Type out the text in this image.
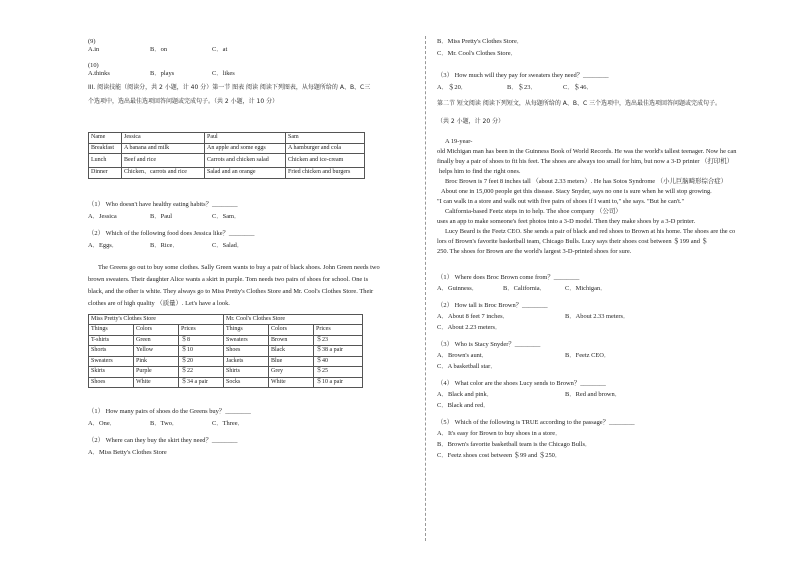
(9)
A.in	B．on	C．at
(10)
A.thinks	B．plays	C．likes
III. 阅读技能（阅读分，共 2 小题，计 40 分）第一节 图表 阅读 阅读下列图表，从每题所给的 A、B、C三
个选项中，选出最佳选项回答问题或完成句子。（共 2 小题，计 10 分）
Name	Jessica	Paul	Sam
Breakfast	A banana and milk	An apple and some eggs	A hamburger and cola
Lunch	Beef and rice	Carrots and chicken salad	Chicken and ice-cream
Dinner	Chicken、carrots and rice	Salad and an orange	Fried chicken and burgers
（1） Who doesn't have healthy eating habits？________
A．Jessica	B．Paul	C．Sam．
（2） Which of the following food does Jessica like？________
A．Eggs．	B．Rice．	C．Salad．
The Greens go out to buy some clothes. Sally Green wants to buy a pair of black shoes. John Green needs two
brown sweaters. Their daughter Alice wants a skirt in purple. Tom needs two pairs of shoes for school. One is
black, and the other is white. They always go to Miss Pretty's Clothes Store and Mr. Cool's Clothes Store. Their
clothes are of high quality （质量）. Let's have a look.
Miss Pretty's Clothes Store			Mr. Cool's Clothes Store		
Things	Colors	Prices	Things	Colors	Prices
T-shirts	Green	＄8	Sweaters	Brown	＄23
Shorts	Yellow	＄10	Shoes	Black	＄38 a pair
Sweaters	Pink	＄20	Jackets	Blue	＄40
Skirts	Purple	＄22	Shirts	Grey	＄25
Shoes	White	＄34 a pair	Socks	White	＄10 a pair
（1） How many pairs of shoes do the Greens buy？________
A．One．	B．Two．	C．Three．
（2） Where can they buy the skirt they need？________
A．Miss Betty's Clothes Store
B．Miss Pretty's Clothes Store．
C．Mr. Cool's Clothes Store．
（3） How much will they pay for sweaters they need？________
A．＄20．	B．＄23．	C．＄46．
第二节 短文阅读 阅读下列短文，从每题所给的 A、B、C 三个选项中，选出最佳选项回答问题或完成句子。
（共 2 小题，计 20 分）
A 19-year-
old Michigan man has been in the Guinness Book of World Records. He was the world's tallest teenager. Now he can
finally buy a pair of shoes to fit his feet. The shoes are always too small for him, but now a 3-D printer （打印机）
helps him to find the right ones.
Broc Brown is 7 feet 8 inches tall （about 2.33 meters）. He has Sotos Syndrome （小儿巨脑畸形综合症）
About one in 15,000 people get this disease. Stacy Snyder, says no one is sure when he will stop growing.
"I can walk in a store and walk out with five pairs of shoes if I want to," she says. "But he can't."
California-based Feetz steps in to help. The shoe company （公司）
uses an app to make someone's feet photos into a 3-D model. Then they make shoes by a 3-D printer.
Lucy Beard is the Feetz CEO. She sends a pair of black and red shoes to Brown at his home. The shoes are the co
lors of Brown's favorite basketball team, Chicago Bulls. Lucy says their shoes cost between ＄199 and ＄
250. The shoes for Brown are the world's largest 3-D-printed shoes for sure.
（1） Where does Broc Brown come from？________
A．Guinness．	B．California．	C．Michigan．
（2） How tall is Broc Brown？________
A．About 8 feet 7 inches．	B．About 2.33 meters．
C．About 2.23 meters．
（3） Who is Stacy Snyder？________
A．Brown's aunt．	B．Feetz CEO．
C．A basketball star．
（4） What color are the shoes Lucy sends to Brown？________
A．Black and pink．	B．Red and brown．
C．Black and red．
（5） Which of the following is TRUE according to the passage？________
A．It's easy for Brown to buy shoes in a store．
B．Brown's favorite basketball team is the Chicago Bulls．
C．Feetz shoes cost between ＄99 and ＄250．
